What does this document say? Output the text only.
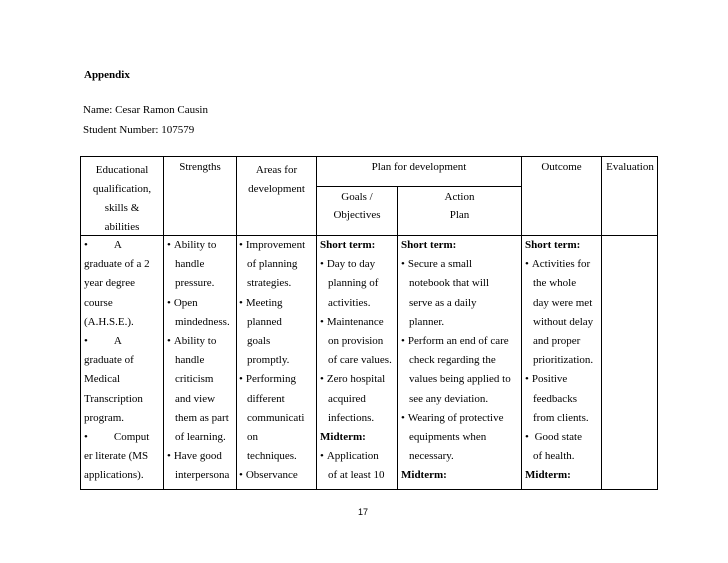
Appendix
Name: Cesar Ramon Causin
Student Number: 107579
Educational
qualification,
skills &
abilities
Strengths	Areas for
development
Plan for development
Goals /
Objectives
Action
Plan
Outcome	Evaluation
• A
graduate of a 2
year degree
course
(A.H.S.E.).
• A
graduate of
Medical
Transcription
program.
• Comput
er literate (MS
applications).
• Ability to
handle
pressure.
• Open
mindedness.
• Ability to
handle
criticism
and view
them as part
of learning.
• Have good
interpersona
• Improvement
of planning
strategies.
• Meeting
planned
goals
promptly.
• Performing
different
communicati
on
techniques.
• Observance
Short term:
• Day to day
planning of
activities.
• Maintenance
on provision
of care values.
• Zero hospital
acquired
infections.
Midterm:
• Application
of at least 10
Short term:
• Secure a small
notebook that will
serve as a daily
planner.
• Perform an end of care
check regarding the
values being applied to
see any deviation.
• Wearing of protective
equipments when
necessary.
Midterm:
Short term:
• Activities for
the whole
day were met
without delay
and proper
prioritization.
• Positive
feedbacks
from clients.
• Good state
of health.
Midterm:
17
